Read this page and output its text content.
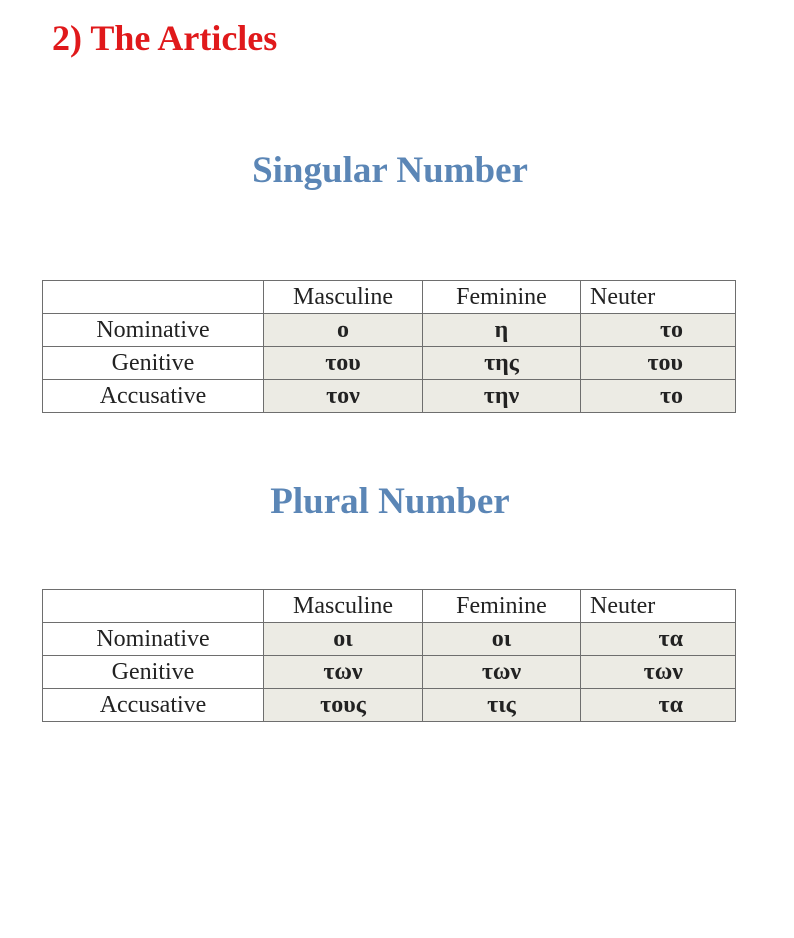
2) The Articles
Singular Number
	Masculine	Feminine	Neuter
Nominative	ο	η	το
Genitive	του	της	του
Accusative	τον	την	το
Plural Number
	Masculine	Feminine	Neuter
Nominative	οι	οι	τα
Genitive	των	των	των
Accusative	τους	τις	τα
